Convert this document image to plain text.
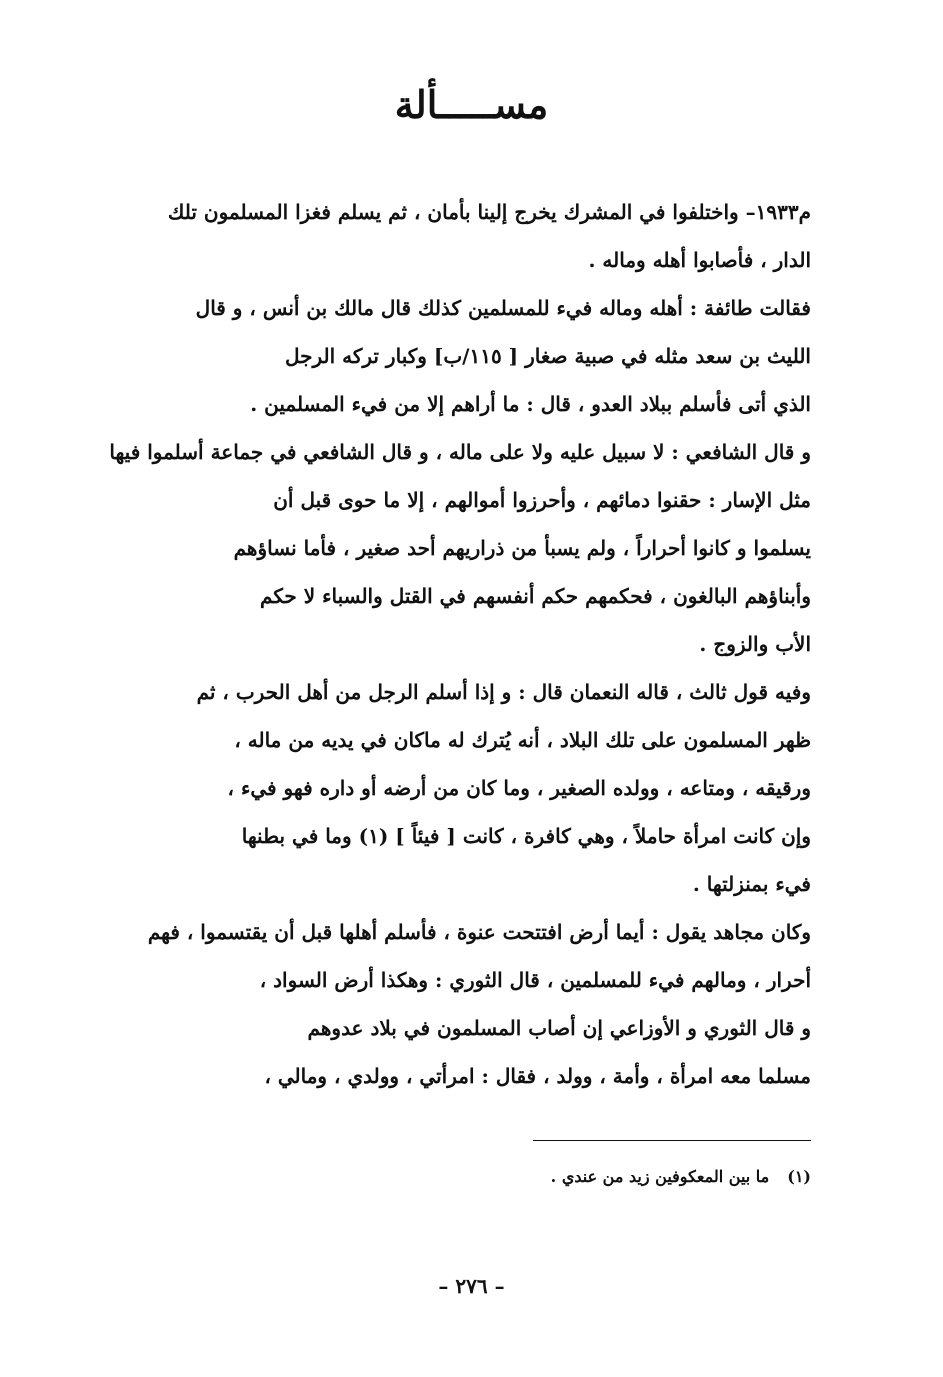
مســـــألة

م١٩٣٣– واختلفوا في المشرك يخرج إلينا بأمان ، ثم يسلم فغزا المسلمون تلك
الدار ، فأصابوا أهله وماله .

فقالت طائفة : أهله وماله فيء للمسلمين كذلك قال مالك بن أنس ، و قال
الليث بن سعد مثله في صبية صغار [ ١١٥/ب] وكبار تركه الرجل
الذي أتى فأسلم ببلاد العدو ، قال : ما أراهم إلا من فيء المسلمين .

و قال الشافعي : لا سبيل عليه ولا على ماله ، و قال الشافعي في جماعة أسلموا فيها
مثل الإسار : حقنوا دمائهم ، وأحرزوا أموالهم ، إلا ما حوى قبل أن
يسلموا و كانوا أحراراً ، ولم يسبأ من ذراريهم أحد صغير ، فأما نساؤهم
وأبناؤهم البالغون ، فحكمهم حكم أنفسهم في القتل والسباء لا حكم
الأب والزوج .

وفيه قول ثالث ، قاله النعمان قال : و إذا أسلم الرجل من أهل الحرب ، ثم
ظهر المسلمون على تلك البلاد ، أنه يُترك له ماكان في يديه من ماله ،
ورقيقه ، ومتاعه ، وولده الصغير ، وما كان من أرضه أو داره فهو فيء ،
وإن كانت امرأة حاملاً ، وهي كافرة ، كانت [ فيئاً ] (١) وما في بطنها
فيء بمنزلتها .

وكان مجاهد يقول : أيما أرض افتتحت عنوة ، فأسلم أهلها قبل أن يقتسموا ، فهم
أحرار ، ومالهم فيء للمسلمين ، قال الثوري : وهكذا أرض السواد ،
و قال الثوري و الأوزاعي إن أصاب المسلمون في بلاد عدوهم
مسلما معه امرأة ، وأمة ، وولد ، فقال : امرأتي ، وولدي ، ومالي ،

(١)ما بين المعكوفين زيد من عندي .
– ٢٧٦ –
